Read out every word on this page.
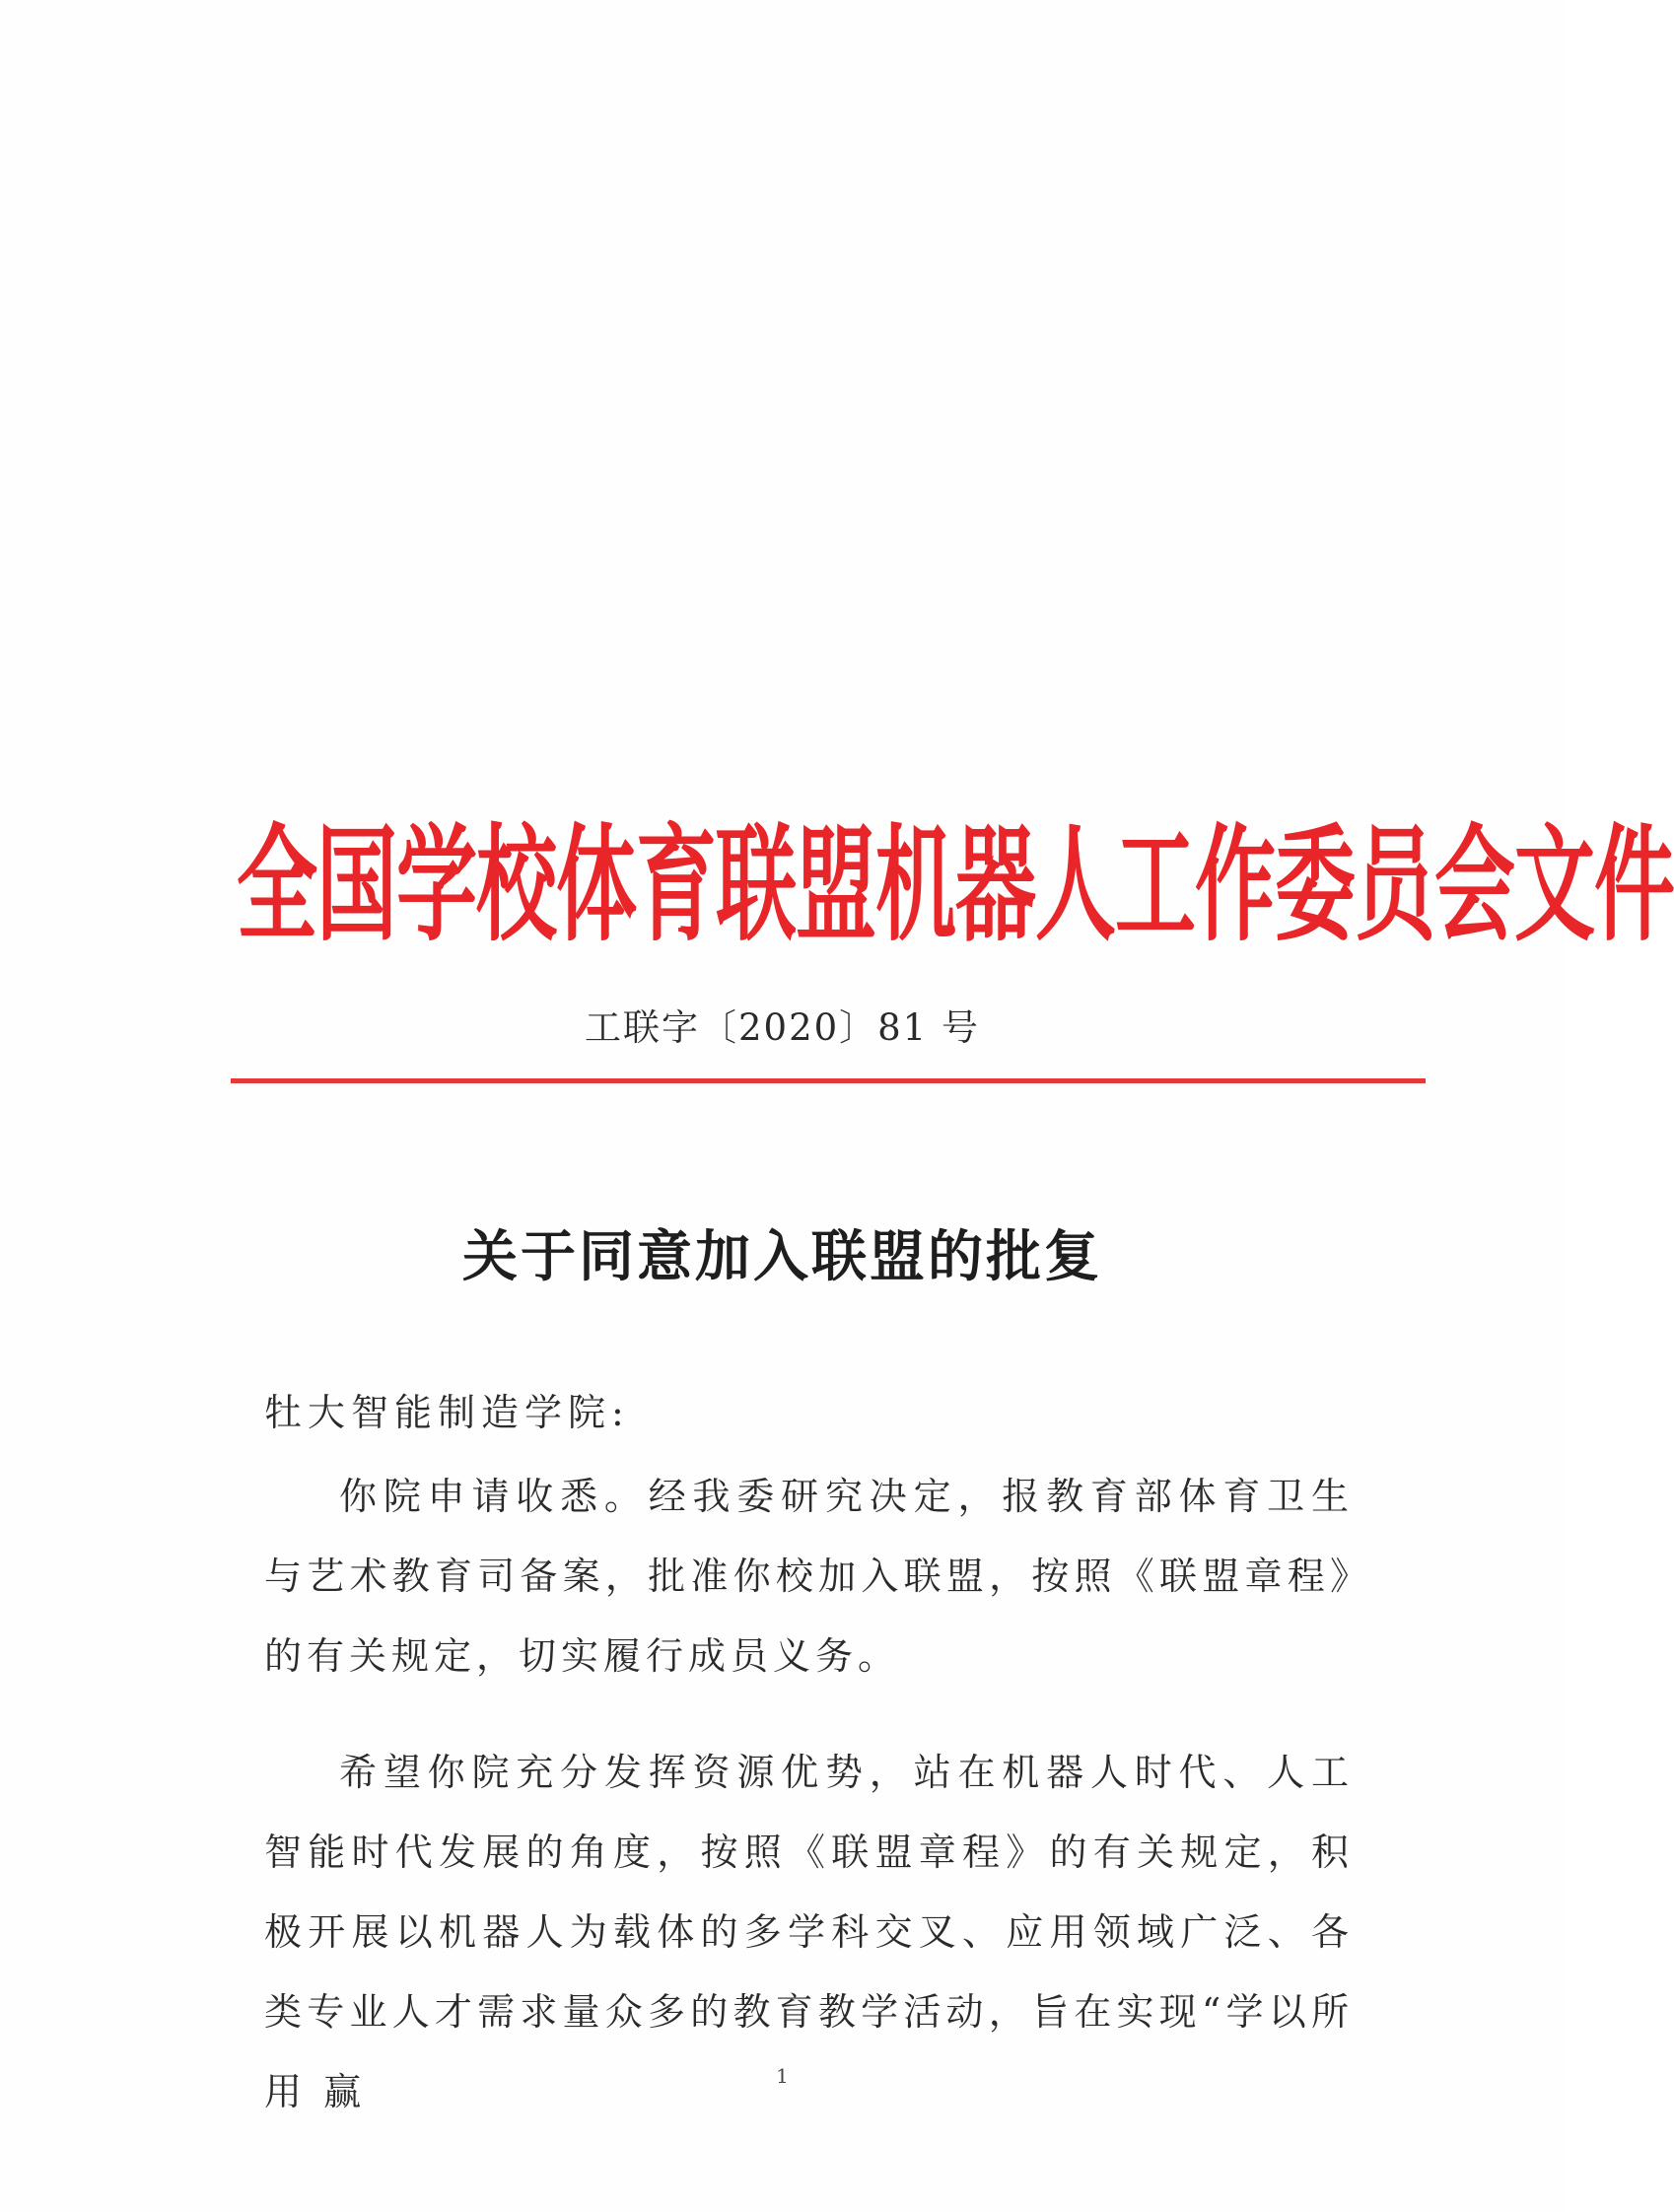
全国学校体育联盟机器人工作委员会文件
工联字〔2020〕81 号
关于同意加入联盟的批复
牡大智能制造学院:

你院申请收悉。经我委研究决定，报教育部体育卫生与艺术教育司备案，批准你校加入联盟，按照《联盟章程》的有关规定，切实履行成员义务。

希望你院充分发挥资源优势，站在机器人时代、人工智能时代发展的角度，按照《联盟章程》的有关规定，积极开展以机器人为载体的多学科交叉、应用领域广泛、各类专业人才需求量众多的教育教学活动，旨在实现“学以所用 赢	1
